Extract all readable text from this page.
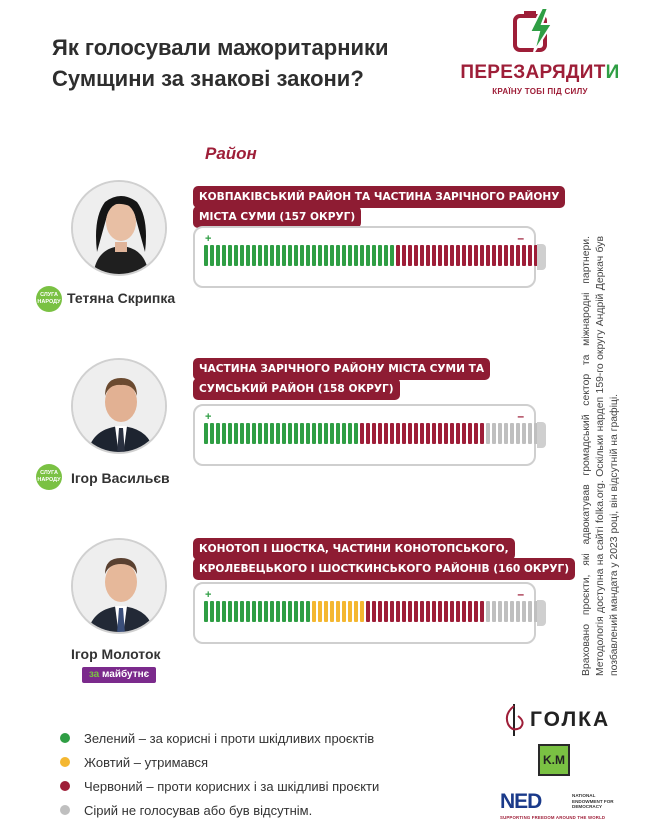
Як голосували мажоритарники
Сумщини за знакові закони?	ПЕРЕЗАРЯДИТИ
КРАЇНУ ТОБІ ПІД СИЛУ
Район
СЛУГА
НАРОДУ Тетяна Скрипка
КОВПАКІВСЬКИЙ РАЙОН ТА ЧАСТИНА ЗАРІЧНОГО РАЙОНУ
МІСТА СУМИ (157 ОКРУГ)
+	–
СЛУГА
НАРОДУ Ігор Васильєв
ЧАСТИНА ЗАРІЧНОГО РАЙОНУ МІСТА СУМИ ТА
СУМСЬКИЙ РАЙОН (158 ОКРУГ)
+	–
Ігор Молоток
за майбутнє
КОНОТОП І ШОСТКА, ЧАСТИНИ КОНОТОПСЬКОГО,
КРОЛЕВЕЦЬКОГО І ШОСТКИНСЬКОГО РАЙОНІВ (160 ОКРУГ)
+	–	Враховано проєкти, які адвокатував громадський сектор та міжнародні партнери. Методологія доступна на сайті folka.org. Оскільки нардеп 159-го округу Андрій Деркач був позбавлений мандата у 2023 році, він відсутній на графіці.
Зелений – за корисні і проти шкідливих проєктів
Жовтий – утримався
Червоний – проти корисних і за шкідливі проєкти
Сірий не голосував або був відсутнім.
ГОЛКА
K.M
NED	NATIONAL ENDOWMENT FOR DEMOCRACY
SUPPORTING FREEDOM AROUND THE WORLD
